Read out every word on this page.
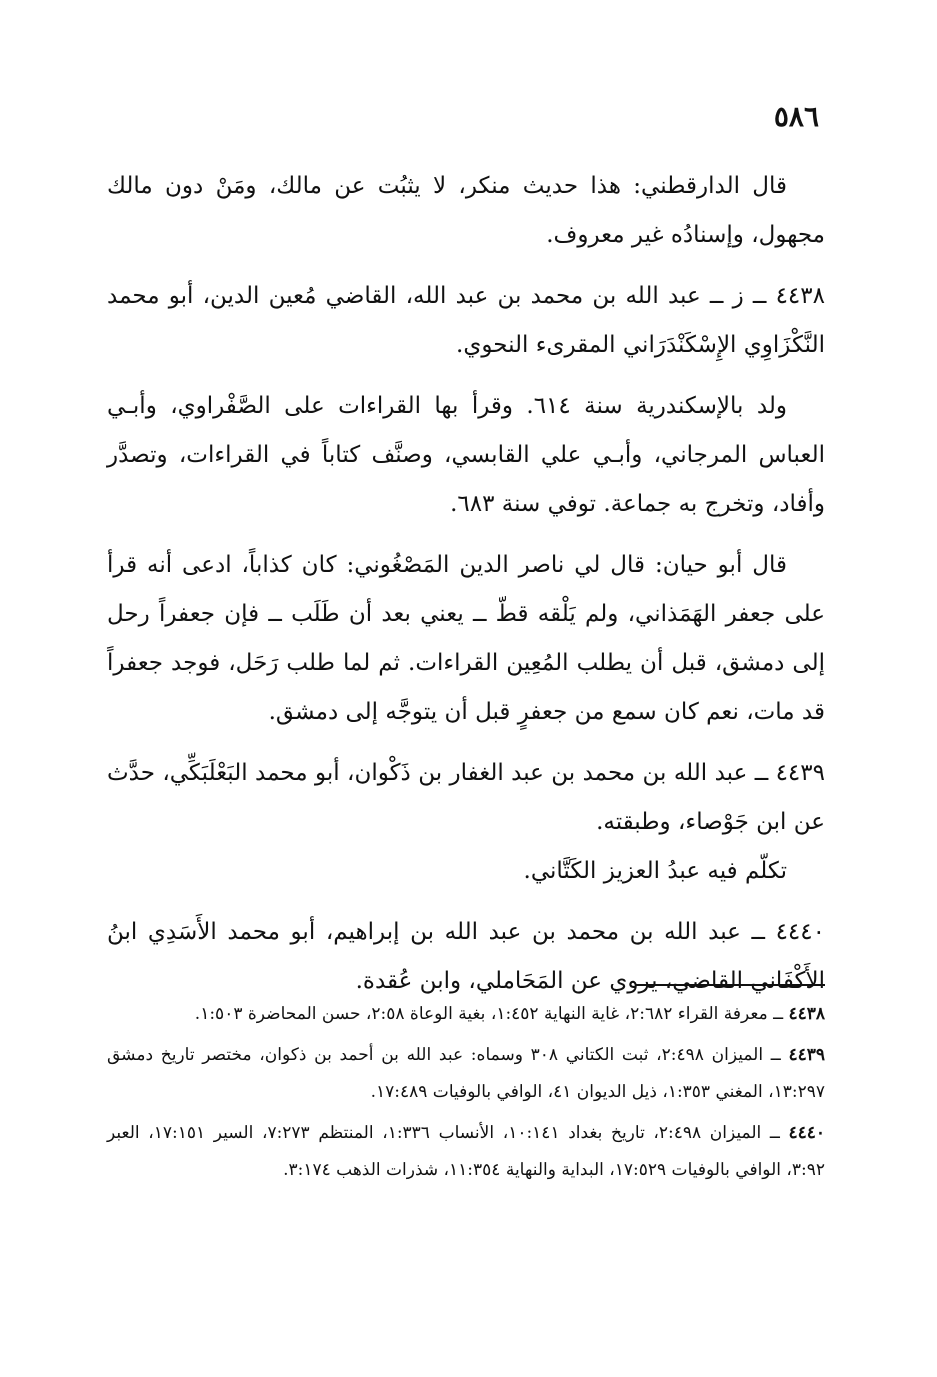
٥٨٦

قال الدارقطني: هذا حديث منكر، لا يثبُت عن مالك، ومَنْ دون مالك مجهول، وإسنادُه غير معروف.

٤٤٣٨ ــ ز ــ عبد الله بن محمد بن عبد الله، القاضي مُعين الدين، أبو محمد النَّكْزَاوِي الإِسْكَنْدَرَاني المقرىء النحوي.

ولد بالإسكندرية سنة ٦١٤. وقرأ بها القراءات على الصَّفْراوي، وأبـي العباس المرجاني، وأبـي علي القابسي، وصنَّف كتاباً في القراءات، وتصدَّر وأفاد، وتخرج به جماعة. توفي سنة ٦٨٣.

قال أبو حيان: قال لي ناصر الدين المَصْغُوني: كان كذاباً، ادعى أنه قرأ على جعفر الهَمَذاني، ولم يَلْقه قطّ ــ يعني بعد أن طَلَب ــ فإن جعفراً رحل إلى دمشق، قبل أن يطلب المُعِين القراءات. ثم لما طلب رَحَل، فوجد جعفراً قد مات، نعم كان سمع من جعفرٍ قبل أن يتوجَّه إلى دمشق.

٤٤٣٩ ــ عبد الله بن محمد بن عبد الغفار بن ذَكْوان، أبو محمد البَعْلَبَكِّي، حدَّث عن ابن جَوْصاء، وطبقته.

تكلّم فيه عبدُ العزيز الكَتَّاني.

٤٤٤٠ ــ عبد الله بن محمد بن عبد الله بن إبراهيم، أبو محمد الأَسَدِي ابنُ الأَكْفَاني القاضي، يروي عن المَحَاملي، وابن عُقدة.

٤٤٣٨ ــ معرفة القراء ٢:٦٨٢، غاية النهاية ١:٤٥٢، بغية الوعاة ٢:٥٨، حسن المحاضرة ١:٥٠٣.

٤٤٣٩ ــ الميزان ٢:٤٩٨، ثبت الكتاني ٣٠٨ وسماه: عبد الله بن أحمد بن ذكوان، مختصر تاريخ دمشق ١٣:٢٩٧، المغني ١:٣٥٣، ذيل الديوان ٤١، الوافي بالوفيات ١٧:٤٨٩.

٤٤٤٠ ــ الميزان ٢:٤٩٨، تاريخ بغداد ١٠:١٤١، الأنساب ١:٣٣٦، المنتظم ٧:٢٧٣، السير ١٧:١٥١، العبر ٣:٩٢، الوافي بالوفيات ١٧:٥٢٩، البداية والنهاية ١١:٣٥٤، شذرات الذهب ٣:١٧٤.
